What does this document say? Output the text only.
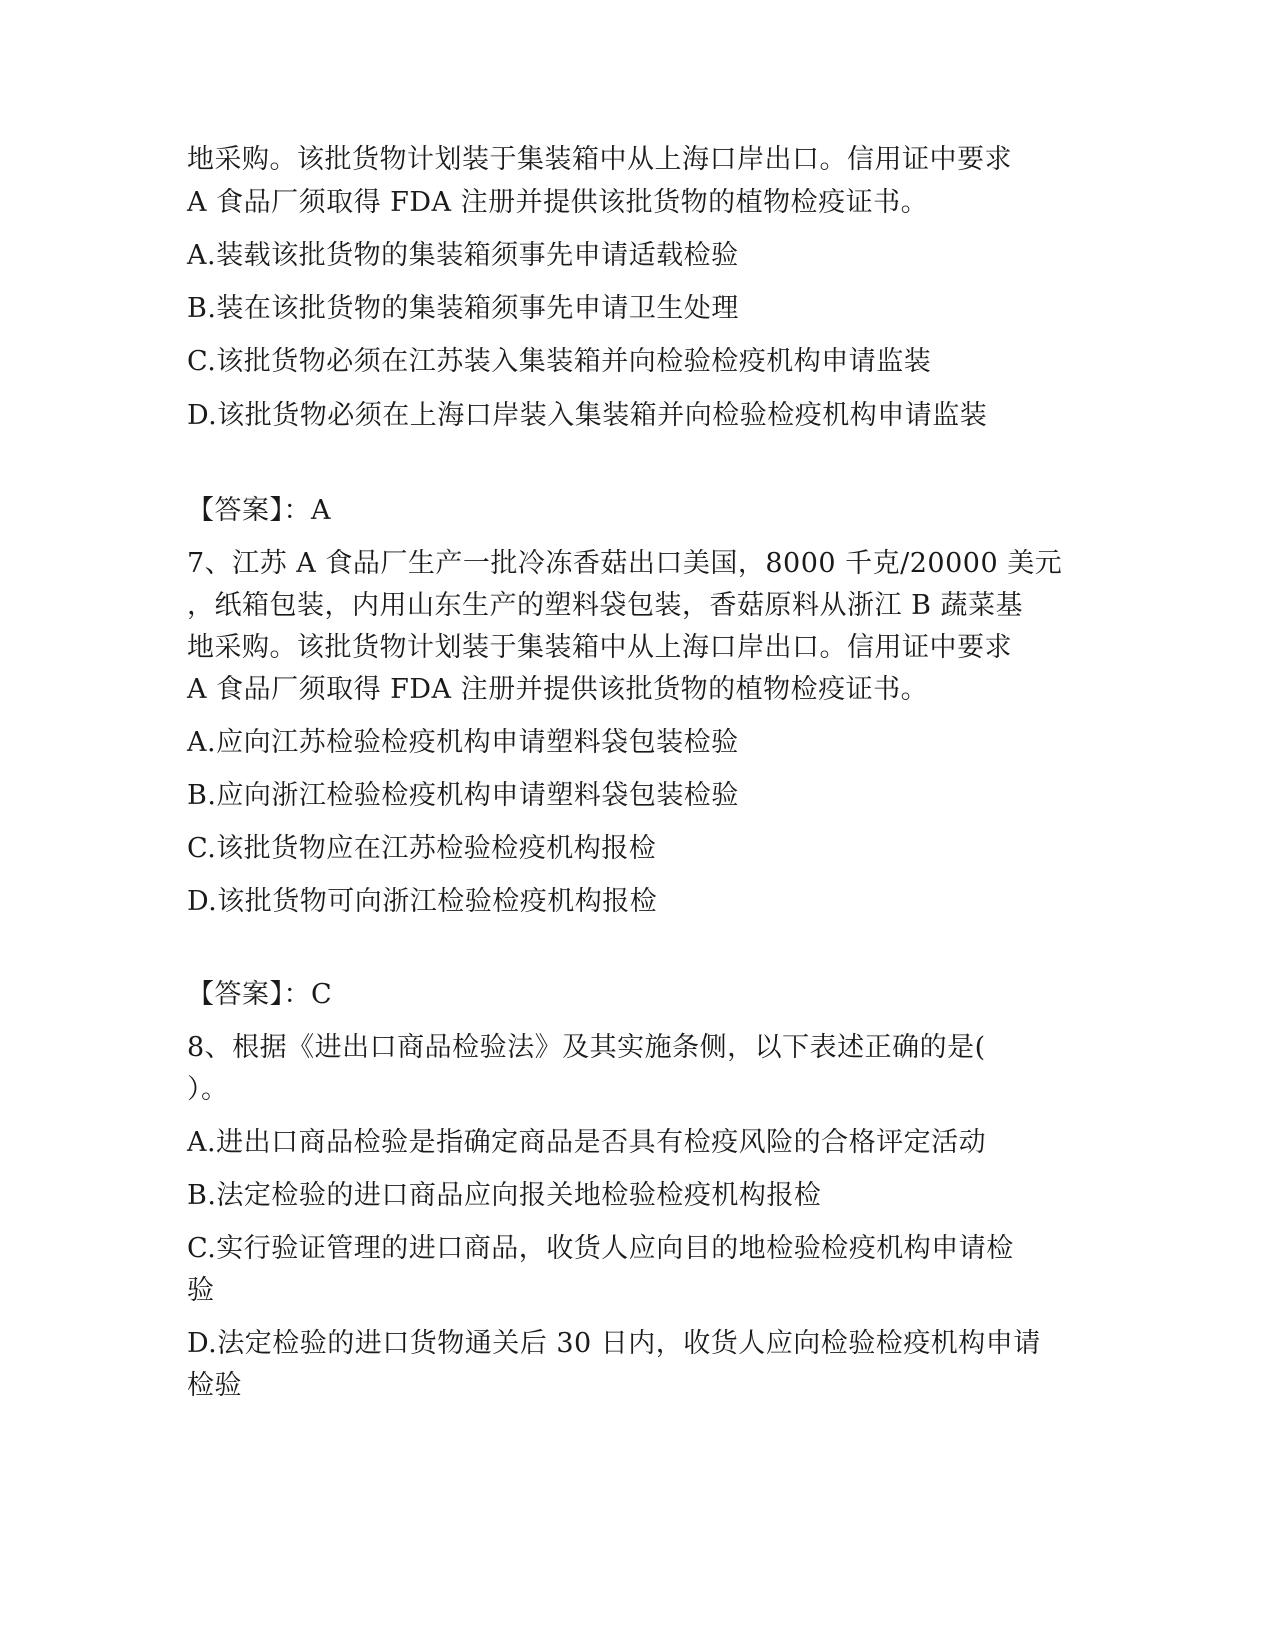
地采购。该批货物计划装于集装箱中从上海口岸出口。信用证中要求
A 食品厂须取得 FDA 注册并提供该批货物的植物检疫证书。
A.装载该批货物的集装箱须事先申请适载检验
B.装在该批货物的集装箱须事先申请卫生处理
C.该批货物必须在江苏装入集装箱并向检验检疫机构申请监装
D.该批货物必须在上海口岸装入集装箱并向检验检疫机构申请监装
【答案】：A
7、江苏 A 食品厂生产一批冷冻香菇出口美国，8000 千克/20000 美元
，纸箱包装，内用山东生产的塑料袋包装，香菇原料从浙江 B 蔬菜基
地采购。该批货物计划装于集装箱中从上海口岸出口。信用证中要求
A 食品厂须取得 FDA 注册并提供该批货物的植物检疫证书。
A.应向江苏检验检疫机构申请塑料袋包装检验
B.应向浙江检验检疫机构申请塑料袋包装检验
C.该批货物应在江苏检验检疫机构报检
D.该批货物可向浙江检验检疫机构报检
【答案】：C
8、根据《进出口商品检验法》及其实施条侧，以下表述正确的是(
）。
A.进出口商品检验是指确定商品是否具有检疫风险的合格评定活动
B.法定检验的进口商品应向报关地检验检疫机构报检
C.实行验证管理的进口商品，收货人应向目的地检验检疫机构申请检
验
D.法定检验的进口货物通关后 30 日内，收货人应向检验检疫机构申请
检验
